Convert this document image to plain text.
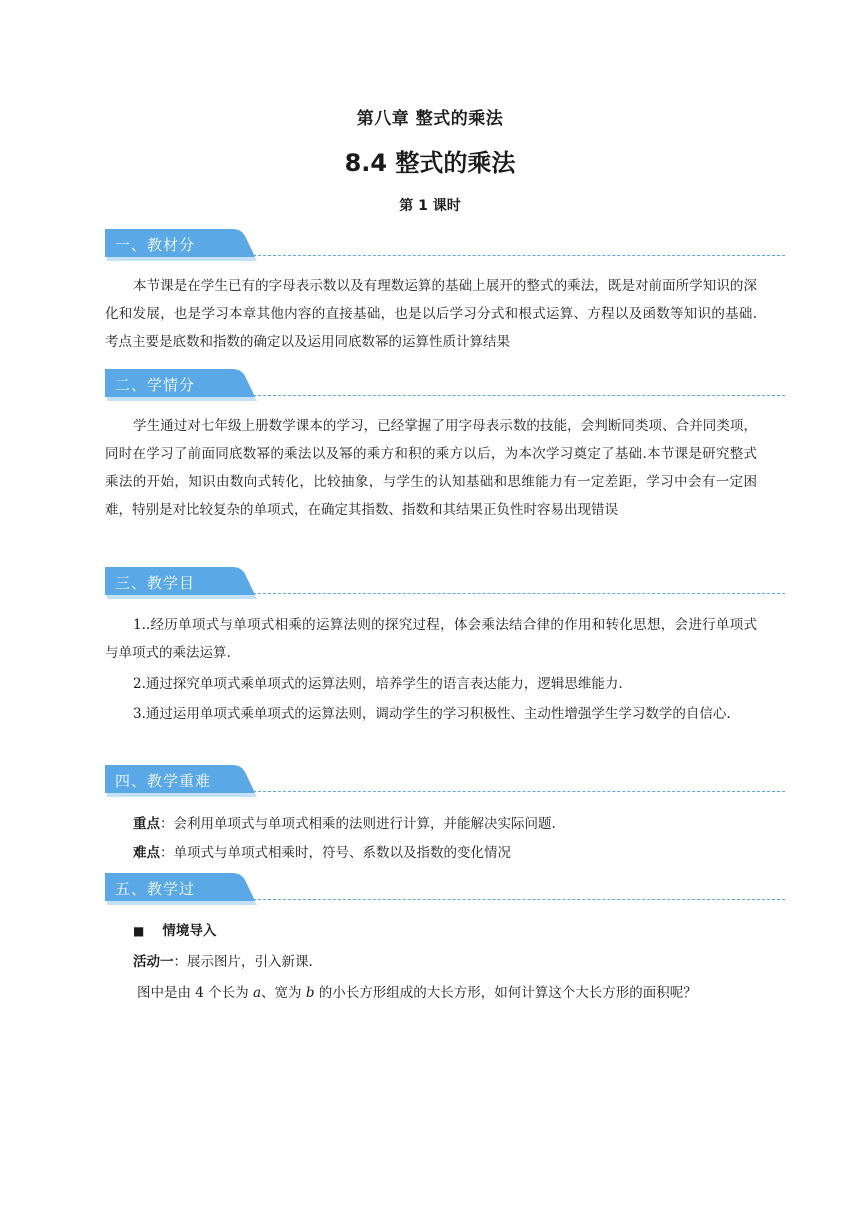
第八章 整式的乘法
8.4 整式的乘法
第 1 课时
一、教材分
本节课是在学生已有的字母表示数以及有理数运算的基础上展开的整式的乘法，既是对前面所学知识的深化和发展，也是学习本章其他内容的直接基础，也是以后学习分式和根式运算、方程以及函数等知识的基础.考点主要是底数和指数的确定以及运用同底数幂的运算性质计算结果
二、学情分
学生通过对七年级上册数学课本的学习，已经掌握了用字母表示数的技能，会判断同类项、合并同类项，同时在学习了前面同底数幂的乘法以及幂的乘方和积的乘方以后，为本次学习奠定了基础.本节课是研究整式乘法的开始，知识由数向式转化，比较抽象，与学生的认知基础和思维能力有一定差距，学习中会有一定困难，特别是对比较复杂的单项式，在确定其指数、指数和其结果正负性时容易出现错误
三、教学目
1..经历单项式与单项式相乘的运算法则的探究过程，体会乘法结合律的作用和转化思想，会进行单项式与单项式的乘法运算.
2.通过探究单项式乘单项式的运算法则，培养学生的语言表达能力，逻辑思维能力.
3.通过运用单项式乘单项式的运算法则，调动学生的学习积极性、主动性增强学生学习数学的自信心.
四、教学重难
重点：会利用单项式与单项式相乘的法则进行计算，并能解决实际问题.
难点：单项式与单项式相乘时，符号、系数以及指数的变化情况
五、教学过
■ 情境导入
活动一：展示图片，引入新课.
图中是由 4 个长为 a、宽为 b 的小长方形组成的大长方形，如何计算这个大长方形的面积呢？
